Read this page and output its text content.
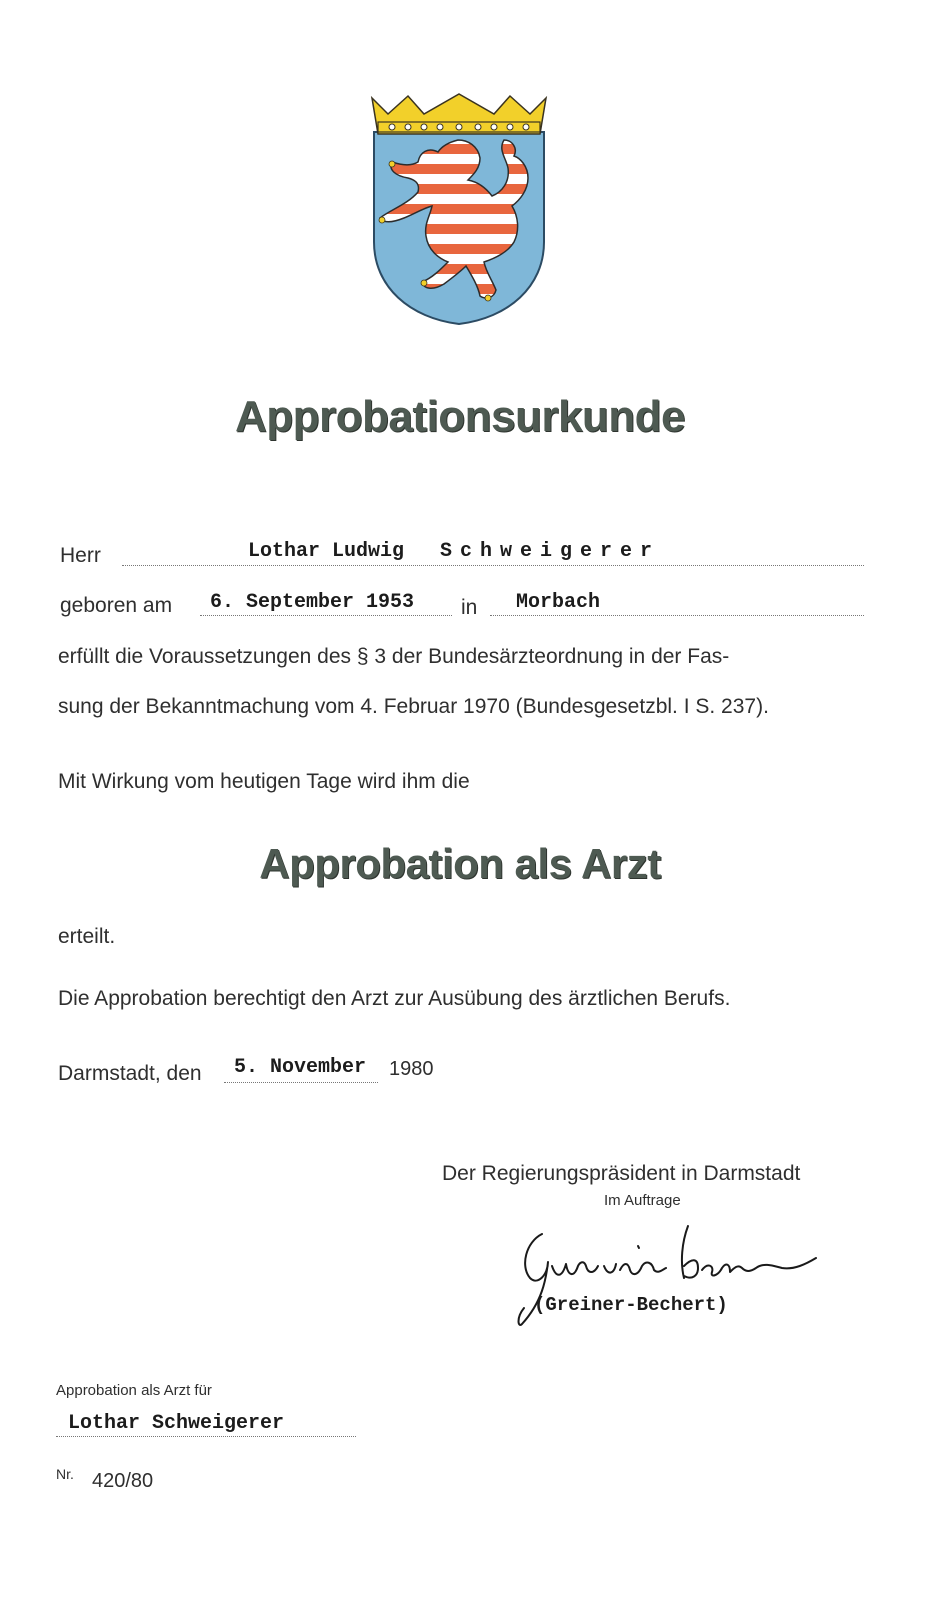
Approbationsurkunde
Herr	Lothar Ludwig Schweigerer
geboren am 6. September 1953 in Morbach
erfüllt die Voraussetzungen des § 3 der Bundesärzteordnung in der Fas-
sung der Bekanntmachung vom 4. Februar 1970 (Bundesgesetzbl. I S. 237).
Mit Wirkung vom heutigen Tage wird ihm die
Approbation als Arzt
erteilt.
Die Approbation berechtigt den Arzt zur Ausübung des ärztlichen Berufs.
Darmstadt, den 5. November 1980
Der Regierungspräsident in Darmstadt
Im Auftrage
(Greiner-Bechert)
Approbation als Arzt für
Lothar Schweigerer
Nr. 420/80
